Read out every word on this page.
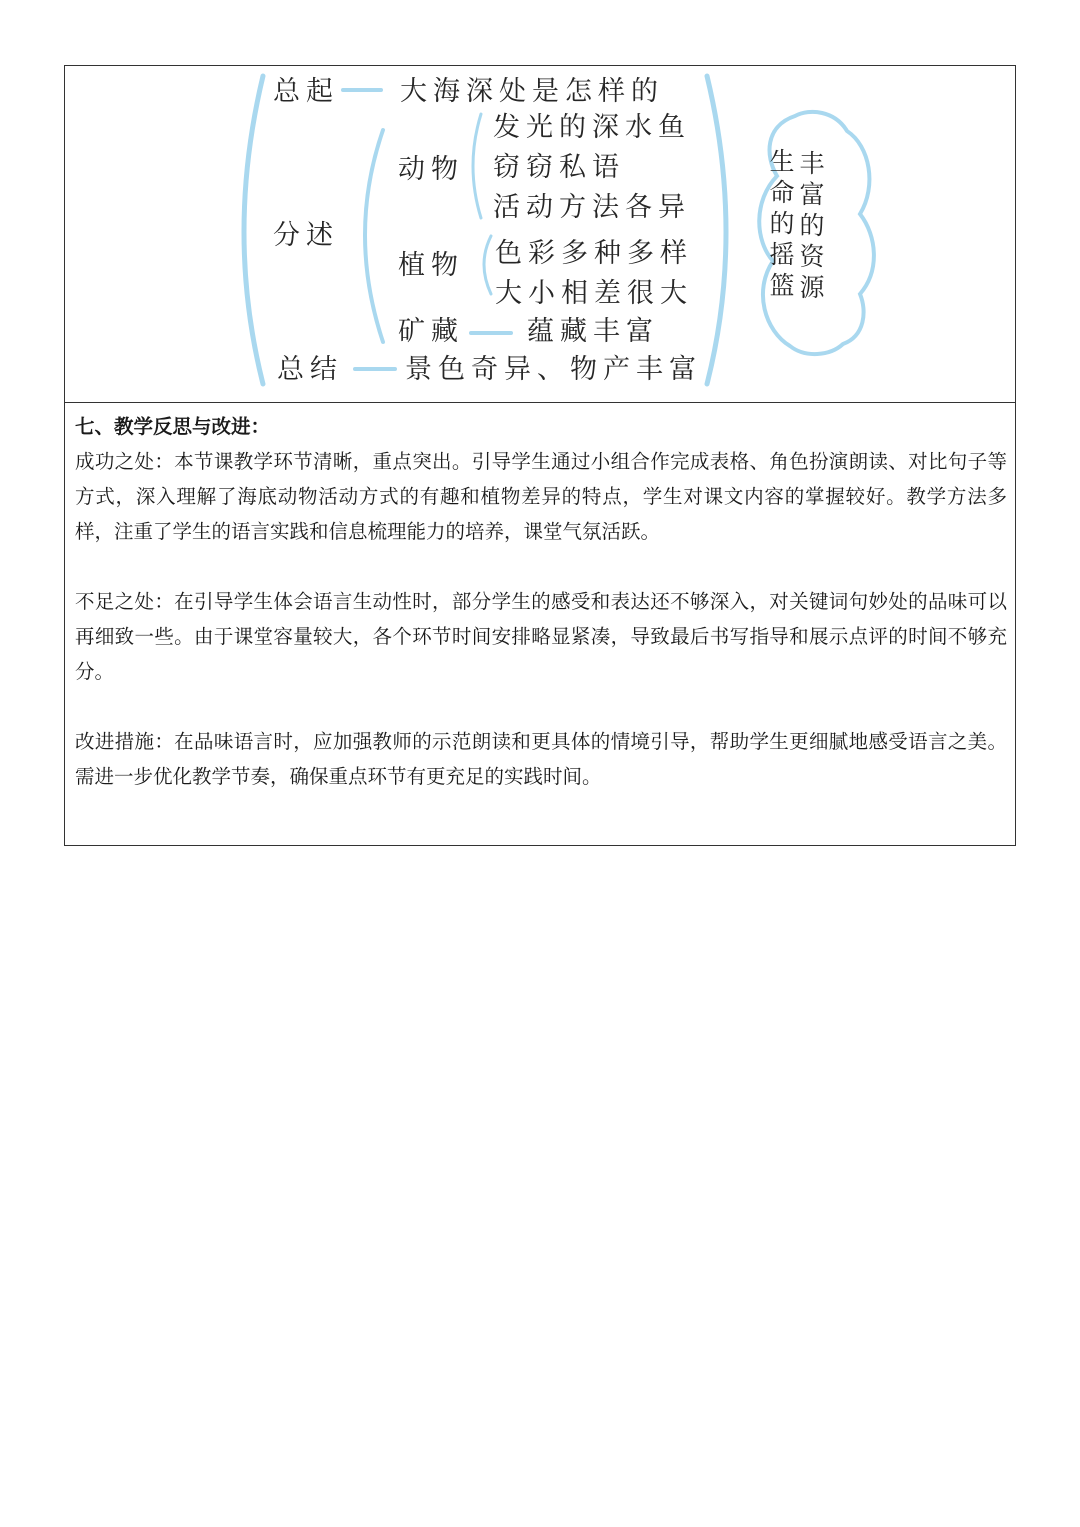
总起 大海深处是怎样的
分述
动物
发光的深水鱼
窃窃私语
活动方法各异
植物 色彩多种多样
大小相差很大
矿藏 蕴藏丰富
总结 景色奇异、物产丰富
生命的摇篮
丰富的资源

七、教学反思与改进：

成功之处：本节课教学环节清晰，重点突出。引导学生通过小组合作完成表格、角色扮演朗读、对比句子等方式，深入理解了海底动物活动方式的有趣和植物差异的特点，学生对课文内容的掌握较好。教学方法多样，注重了学生的语言实践和信息梳理能力的培养，课堂气氛活跃。

不足之处：在引导学生体会语言生动性时，部分学生的感受和表达还不够深入，对关键词句妙处的品味可以再细致一些。由于课堂容量较大，各个环节时间安排略显紧凑，导致最后书写指导和展示点评的时间不够充分。

改进措施：在品味语言时，应加强教师的示范朗读和更具体的情境引导，帮助学生更细腻地感受语言之美。需进一步优化教学节奏，确保重点环节有更充足的实践时间。
